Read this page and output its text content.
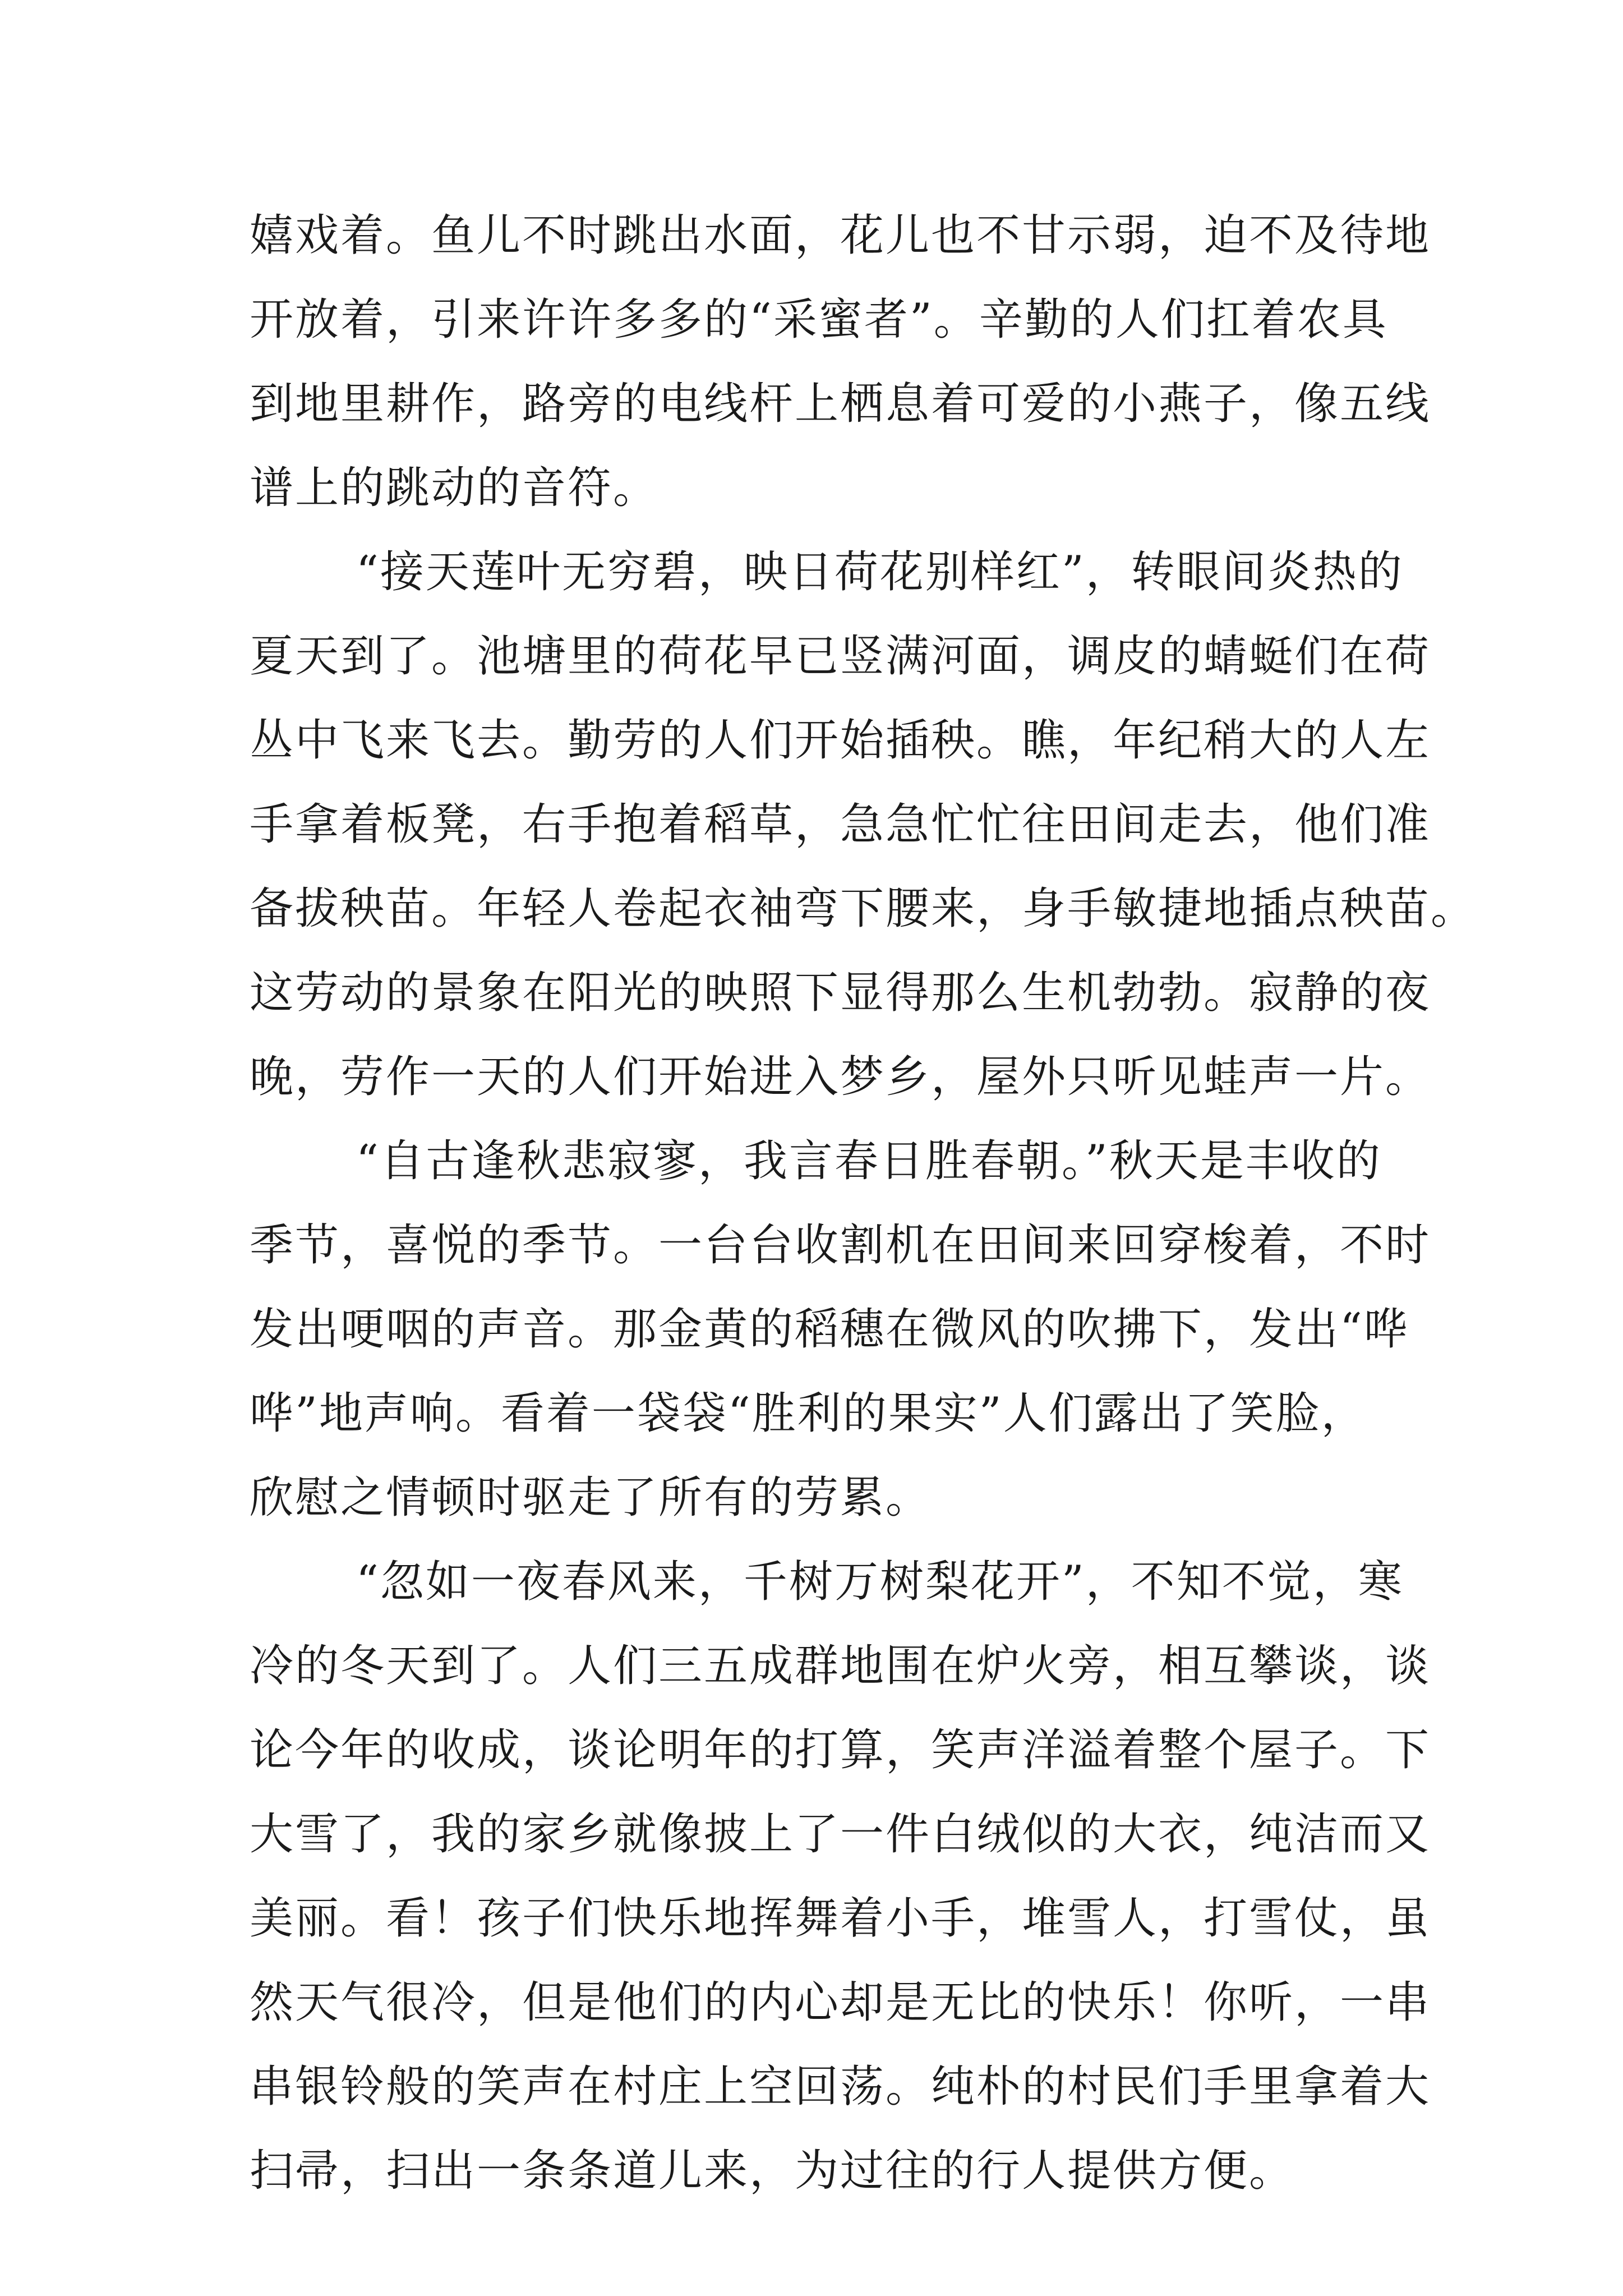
嬉戏着。鱼儿不时跳出水面，花儿也不甘示弱，迫不及待地
开放着，引来许许多多的“采蜜者”。辛勤的人们扛着农具
到地里耕作，路旁的电线杆上栖息着可爱的小燕子，像五线
谱上的跳动的音符。
“接天莲叶无穷碧，映日荷花别样红”，转眼间炎热的
夏天到了。池塘里的荷花早已竖满河面，调皮的蜻蜓们在荷
丛中飞来飞去。勤劳的人们开始插秧。瞧，年纪稍大的人左
手拿着板凳，右手抱着稻草，急急忙忙往田间走去，他们准
备拔秧苗。年轻人卷起衣袖弯下腰来，身手敏捷地插点秧苗。
这劳动的景象在阳光的映照下显得那么生机勃勃。寂静的夜
晚，劳作一天的人们开始进入梦乡，屋外只听见蛙声一片。
“自古逢秋悲寂寥，我言春日胜春朝。”秋天是丰收的
季节，喜悦的季节。一台台收割机在田间来回穿梭着，不时
发出哽咽的声音。那金黄的稻穗在微风的吹拂下，发出“哗
哗”地声响。看着一袋袋“胜利的果实”人们露出了笑脸，
欣慰之情顿时驱走了所有的劳累。
“忽如一夜春风来，千树万树梨花开”，不知不觉，寒
冷的冬天到了。人们三五成群地围在炉火旁，相互攀谈，谈
论今年的收成，谈论明年的打算，笑声洋溢着整个屋子。下
大雪了，我的家乡就像披上了一件白绒似的大衣，纯洁而又
美丽。看！孩子们快乐地挥舞着小手，堆雪人，打雪仗，虽
然天气很冷，但是他们的内心却是无比的快乐！你听，一串
串银铃般的笑声在村庄上空回荡。纯朴的村民们手里拿着大
扫帚，扫出一条条道儿来，为过往的行人提供方便。
